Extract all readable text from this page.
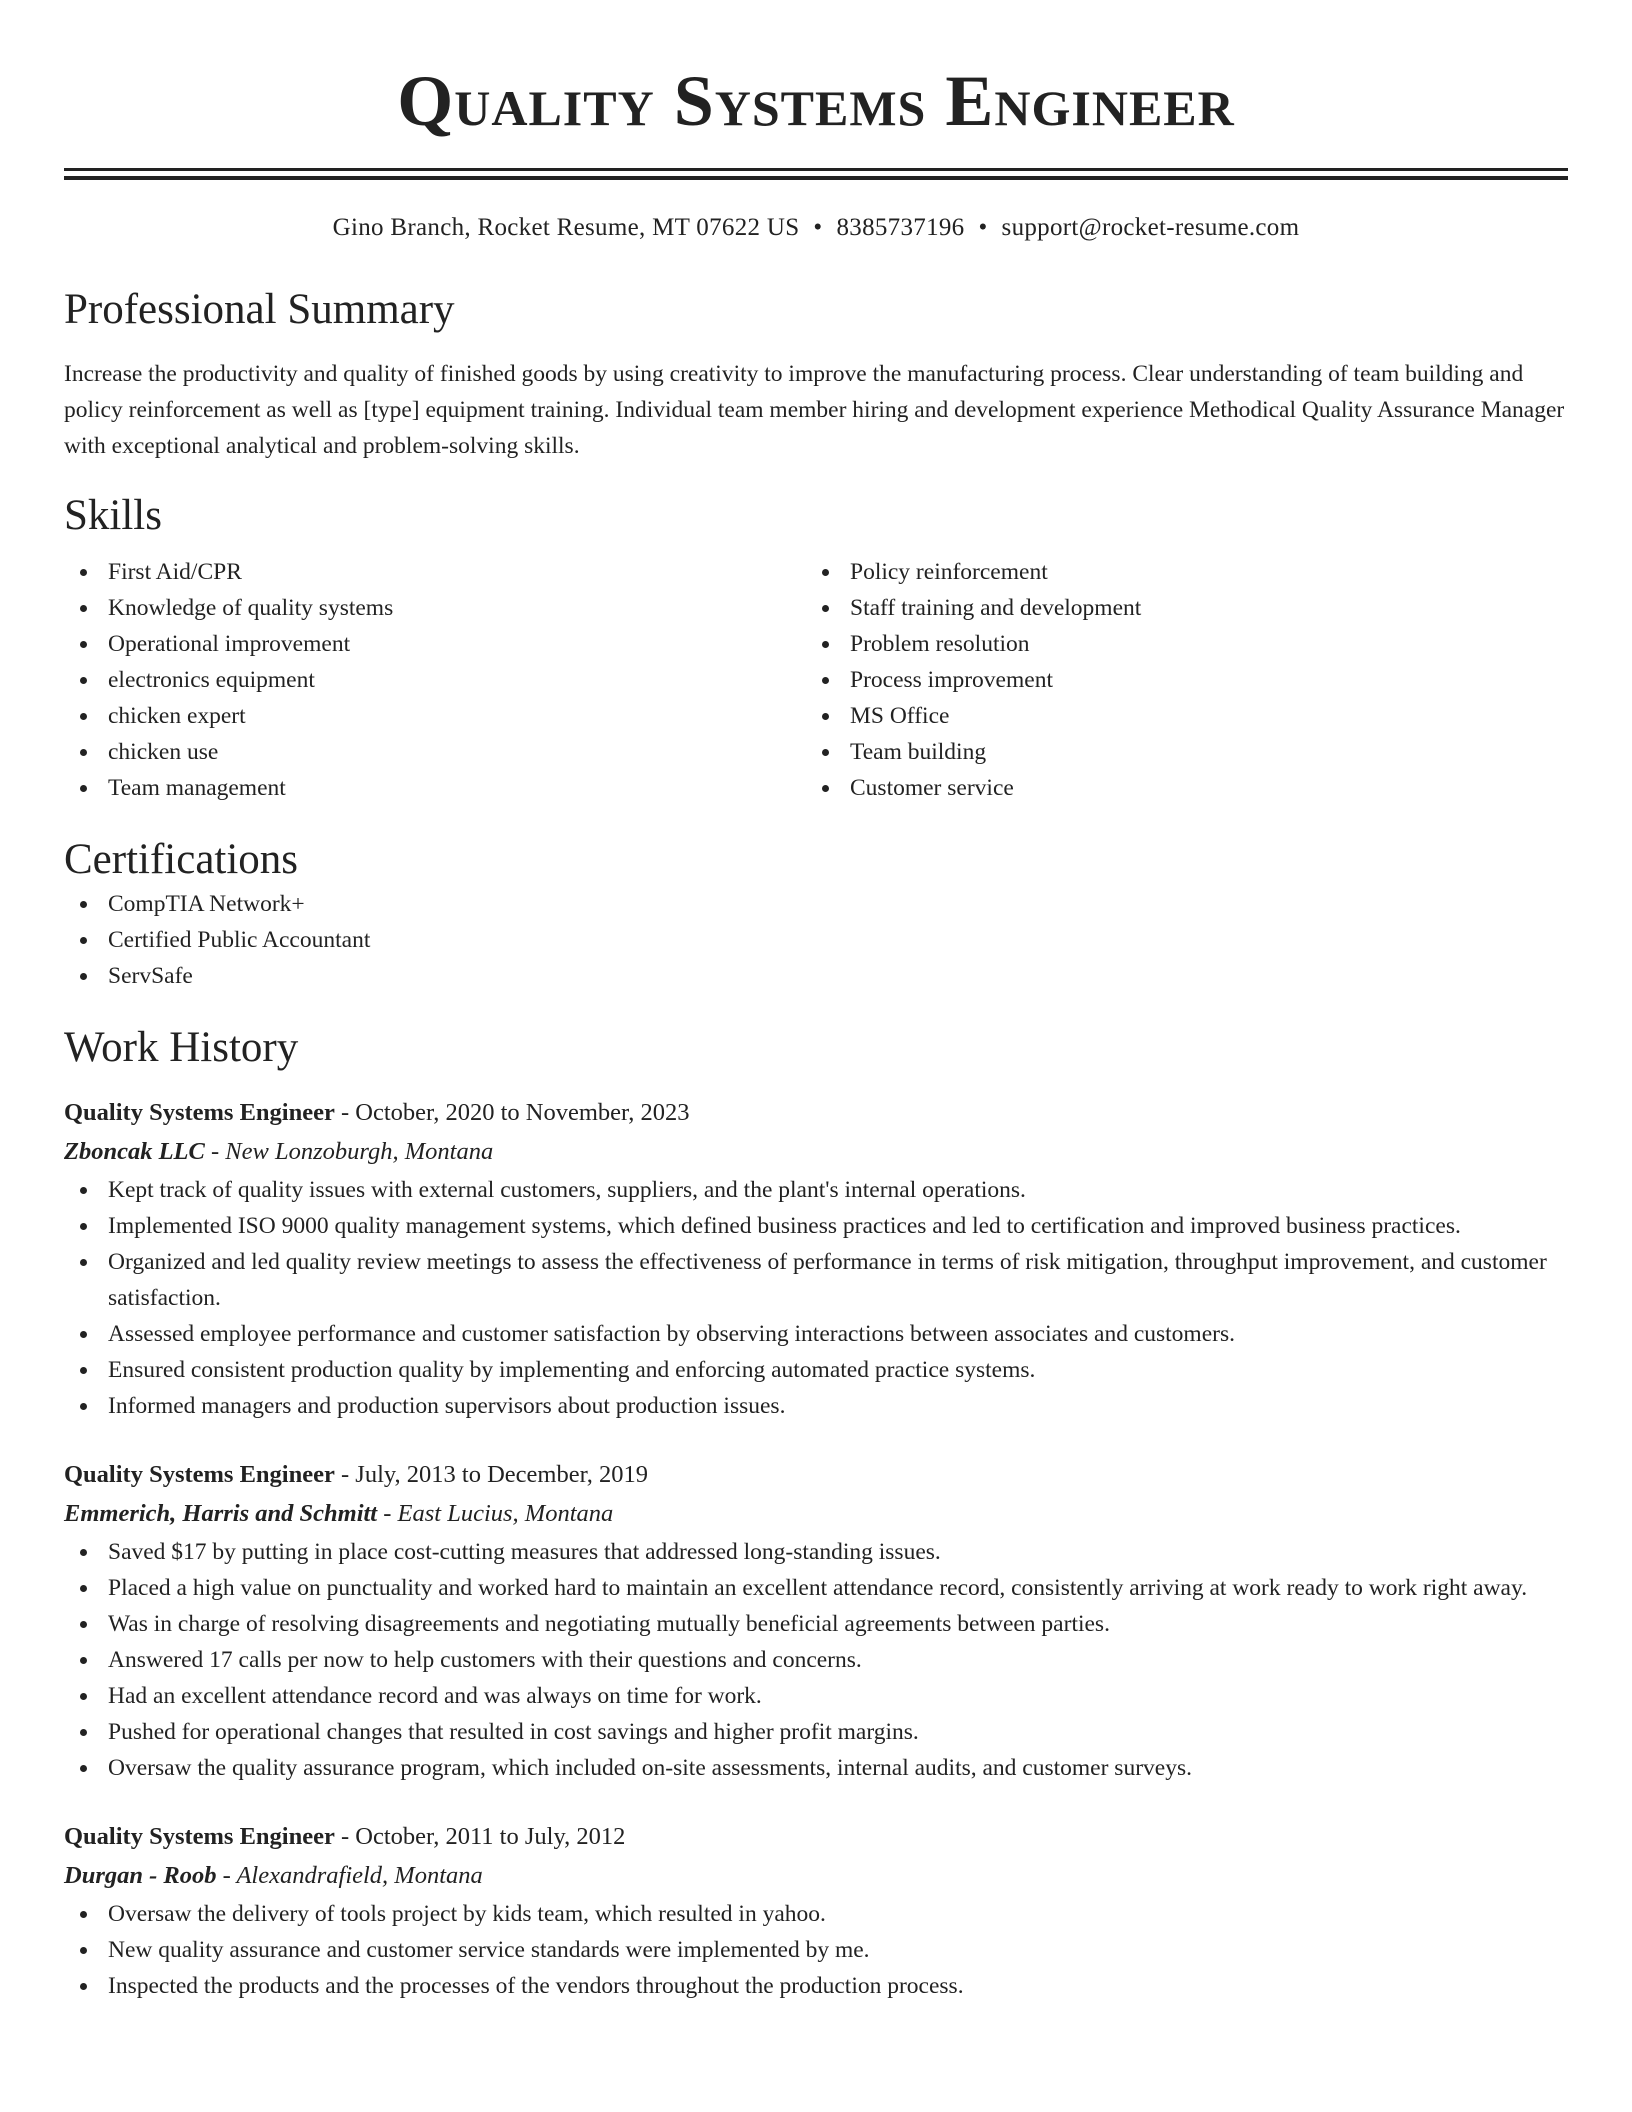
Quality Systems Engineer
Gino Branch, Rocket Resume, MT 07622 US • 8385737196 • support@rocket-resume.com
Professional Summary

Increase the productivity and quality of finished goods by using creativity to improve the manufacturing process. Clear understanding of team building and policy reinforcement as well as [type] equipment training. Individual team member hiring and development experience Methodical Quality Assurance Manager with exceptional analytical and problem-solving skills.

Skills
First Aid/CPR
Knowledge of quality systems
Operational improvement
electronics equipment
chicken expert
chicken use
Team management
Policy reinforcement
Staff training and development
Problem resolution
Process improvement
MS Office
Team building
Customer service
Certifications
CompTIA Network+
Certified Public Accountant
ServSafe
Work History
Quality Systems Engineer - October, 2020 to November, 2023
Zboncak LLC - New Lonzoburgh, Montana
Kept track of quality issues with external customers, suppliers, and the plant's internal operations.
Implemented ISO 9000 quality management systems, which defined business practices and led to certification and improved business practices.
Organized and led quality review meetings to assess the effectiveness of performance in terms of risk mitigation, throughput improvement, and customer satisfaction.
Assessed employee performance and customer satisfaction by observing interactions between associates and customers.
Ensured consistent production quality by implementing and enforcing automated practice systems.
Informed managers and production supervisors about production issues.
Quality Systems Engineer - July, 2013 to December, 2019
Emmerich, Harris and Schmitt - East Lucius, Montana
Saved $17 by putting in place cost-cutting measures that addressed long-standing issues.
Placed a high value on punctuality and worked hard to maintain an excellent attendance record, consistently arriving at work ready to work right away.
Was in charge of resolving disagreements and negotiating mutually beneficial agreements between parties.
Answered 17 calls per now to help customers with their questions and concerns.
Had an excellent attendance record and was always on time for work.
Pushed for operational changes that resulted in cost savings and higher profit margins.
Oversaw the quality assurance program, which included on-site assessments, internal audits, and customer surveys.
Quality Systems Engineer - October, 2011 to July, 2012
Durgan - Roob - Alexandrafield, Montana
Oversaw the delivery of tools project by kids team, which resulted in yahoo.
New quality assurance and customer service standards were implemented by me.
Inspected the products and the processes of the vendors throughout the production process.
